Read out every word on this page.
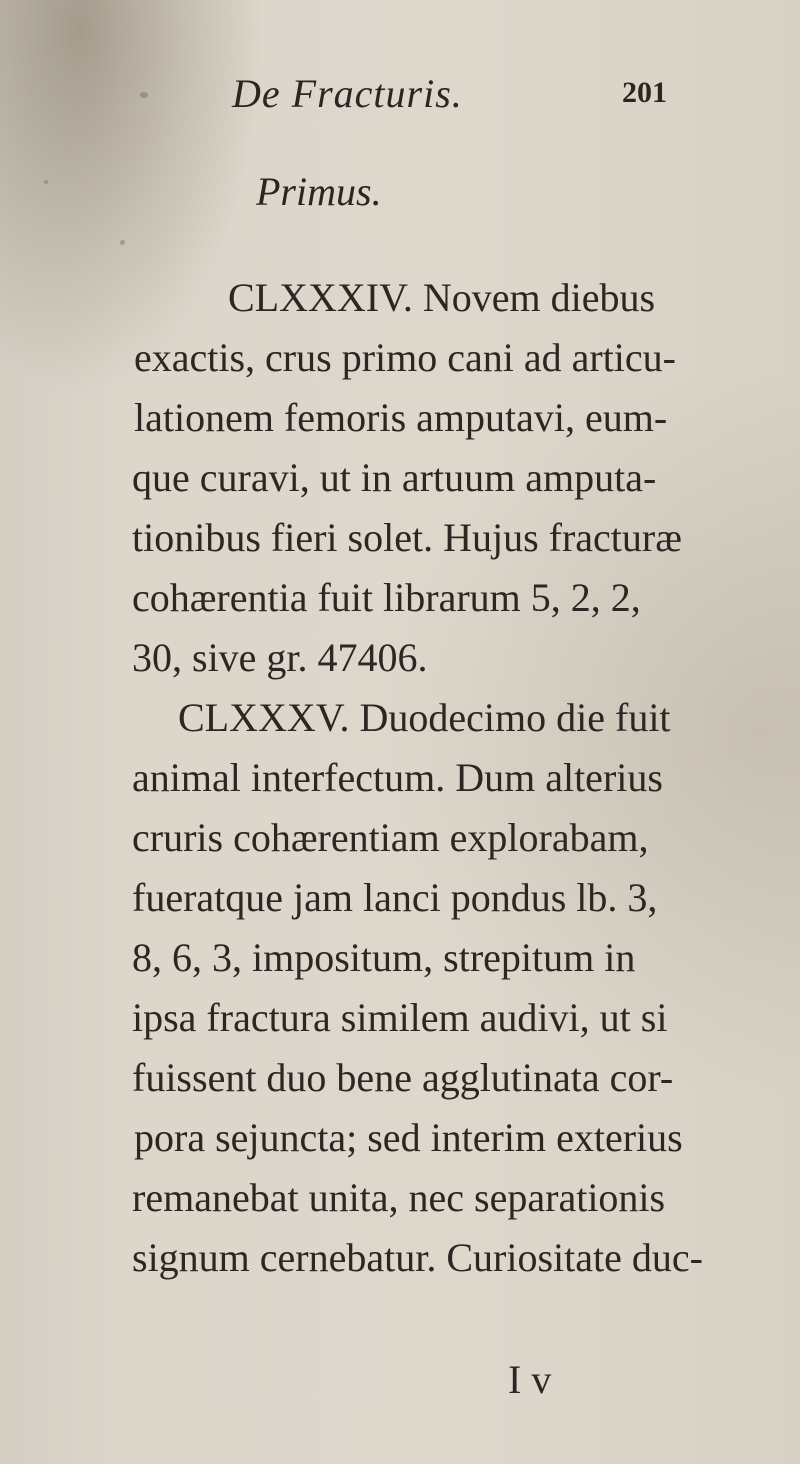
De Fracturis.	201
Primus.
CLXXXIV. Novem diebus
exactis, crus primo cani ad articu-
lationem femoris amputavi, eum-
que curavi, ut in artuum amputa-
tionibus fieri solet. Hujus fracturæ
cohærentia fuit librarum 5, 2, 2,
30, sive gr. 47406.
CLXXXV. Duodecimo die fuit
animal interfectum. Dum alterius
cruris cohærentiam explorabam,
fueratque jam lanci pondus lb. 3,
8, 6, 3, impositum, strepitum in
ipsa fractura similem audivi, ut si
fuissent duo bene agglutinata cor-
pora sejuncta; sed interim exterius
remanebat unita, nec separationis
signum cernebatur. Curiositate duc-
I v
